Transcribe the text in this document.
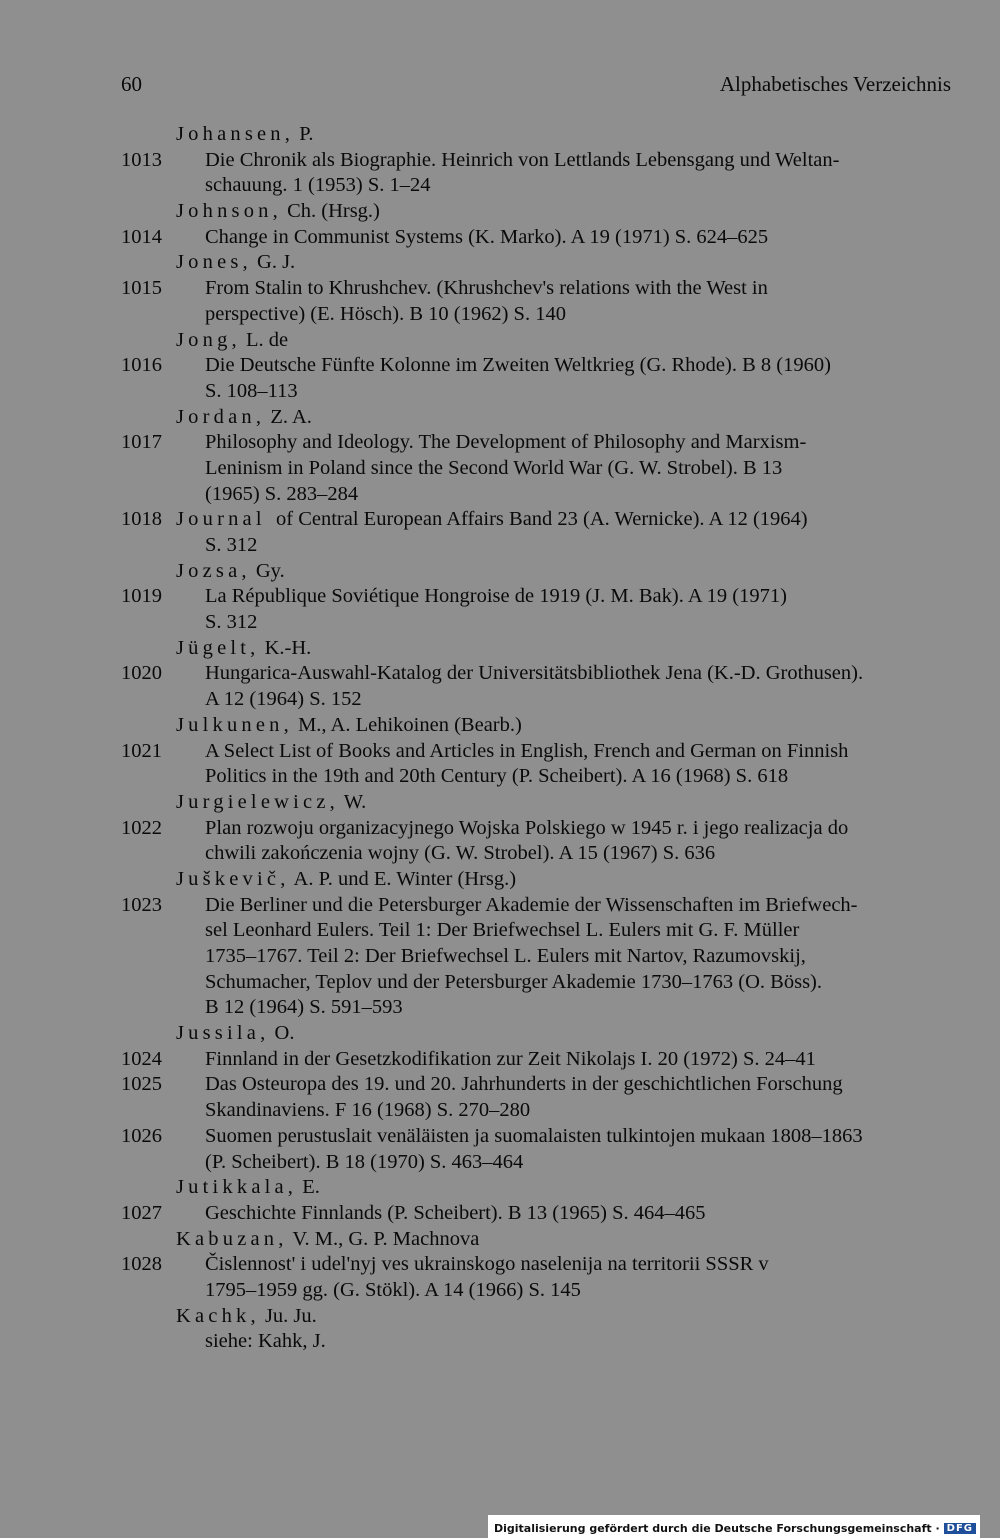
60	Alphabetisches Verzeichnis
Johansen, P.
1013 Die Chronik als Biographie. Heinrich von Lettlands Lebensgang und Weltan-
schauung. 1 (1953) S. 1–24
Johnson, Ch. (Hrsg.)
1014 Change in Communist Systems (K. Marko). A 19 (1971) S. 624–625
Jones, G. J.
1015 From Stalin to Khrushchev. (Khrushchev's relations with the West in
perspective) (E. Hösch). B 10 (1962) S. 140
Jong, L. de
1016 Die Deutsche Fünfte Kolonne im Zweiten Weltkrieg (G. Rhode). B 8 (1960)
S. 108–113
Jordan, Z. A.
1017 Philosophy and Ideology. The Development of Philosophy and Marxism-
Leninism in Poland since the Second World War (G. W. Strobel). B 13
(1965) S. 283–284
1018 Journal  of Central European Affairs Band 23 (A. Wernicke). A 12 (1964)
S. 312
Jozsa, Gy.
1019 La République Soviétique Hongroise de 1919 (J. M. Bak). A 19 (1971)
S. 312
Jügelt, K.-H.
1020 Hungarica-Auswahl-Katalog der Universitätsbibliothek Jena (K.-D. Grothusen).
A 12 (1964) S. 152
Julkunen, M., A. Lehikoinen (Bearb.)
1021 A Select List of Books and Articles in English, French and German on Finnish
Politics in the 19th and 20th Century (P. Scheibert). A 16 (1968) S. 618
Jurgielewicz, W.
1022 Plan rozwoju organizacyjnego Wojska Polskiego w 1945 r. i jego realizacja do
chwili zakończenia wojny (G. W. Strobel). A 15 (1967) S. 636
Juškevič, A. P. und E. Winter (Hrsg.)
1023 Die Berliner und die Petersburger Akademie der Wissenschaften im Briefwech-
sel Leonhard Eulers. Teil 1: Der Briefwechsel L. Eulers mit G. F. Müller
1735–1767. Teil 2: Der Briefwechsel L. Eulers mit Nartov, Razumovskij,
Schumacher, Teplov und der Petersburger Akademie 1730–1763 (O. Böss).
B 12 (1964) S. 591–593
Jussila, O.
1024 Finnland in der Gesetzkodifikation zur Zeit Nikolajs I. 20 (1972) S. 24–41
1025 Das Osteuropa des 19. und 20. Jahrhunderts in der geschichtlichen Forschung
Skandinaviens. F 16 (1968) S. 270–280
1026 Suomen perustuslait venäläisten ja suomalaisten tulkintojen mukaan 1808–1863
(P. Scheibert). B 18 (1970) S. 463–464
Jutikkala, E.
1027 Geschichte Finnlands (P. Scheibert). B 13 (1965) S. 464–465
Kabuzan, V. M., G. P. Machnova
1028 Čislennost' i udel'nyj ves ukrainskogo naselenija na territorii SSSR v
1795–1959 gg. (G. Stökl). A 14 (1966) S. 145
Kachk, Ju. Ju.
siehe: Kahk, J.
Digitalisierung gefördert durch die Deutsche Forschungsgemeinschaft · DFG
